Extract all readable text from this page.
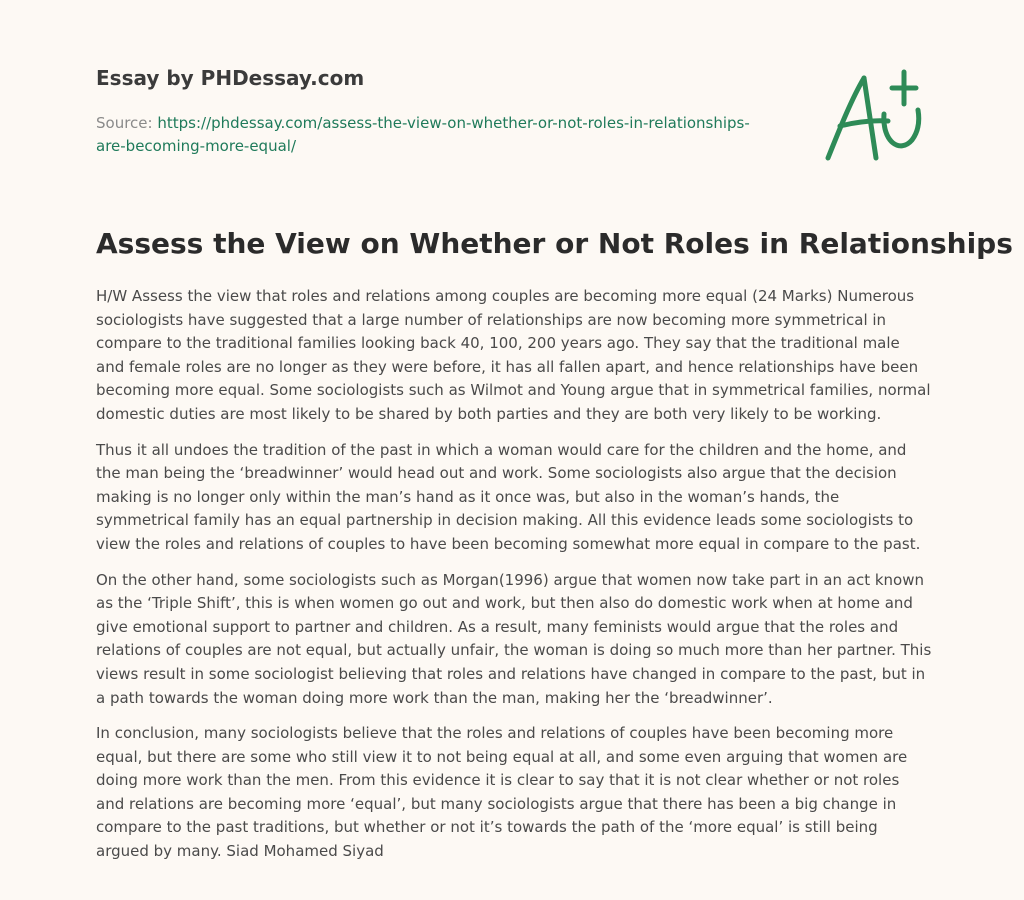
Essay by PHDessay.com
Source: https://phdessay.com/assess-the-view-on-whether-or-not-roles-in-relationships-are-becoming-more-equal/
Assess the View on Whether or Not Roles in Relationships

H/W Assess the view that roles and relations among couples are becoming more equal (24 Marks) Numerous sociologists have suggested that a large number of relationships are now becoming more symmetrical in compare to the traditional families looking back 40, 100, 200 years ago. They say that the traditional male and female roles are no longer as they were before, it has all fallen apart, and hence relationships have been becoming more equal. Some sociologists such as Wilmot and Young argue that in symmetrical families, normal domestic duties are most likely to be shared by both parties and they are both very likely to be working.

Thus it all undoes the tradition of the past in which a woman would care for the children and the home, and the man being the ‘breadwinner’ would head out and work. Some sociologists also argue that the decision making is no longer only within the man’s hand as it once was, but also in the woman’s hands, the symmetrical family has an equal partnership in decision making. All this evidence leads some sociologists to view the roles and relations of couples to have been becoming somewhat more equal in compare to the past.

On the other hand, some sociologists such as Morgan(1996) argue that women now take part in an act known as the ‘Triple Shift’, this is when women go out and work, but then also do domestic work when at home and give emotional support to partner and children. As a result, many feminists would argue that the roles and relations of couples are not equal, but actually unfair, the woman is doing so much more than her partner. This views result in some sociologist believing that roles and relations have changed in compare to the past, but in a path towards the woman doing more work than the man, making her the ‘breadwinner’.

In conclusion, many sociologists believe that the roles and relations of couples have been becoming more equal, but there are some who still view it to not being equal at all, and some even arguing that women are doing more work than the men. From this evidence it is clear to say that it is not clear whether or not roles and relations are becoming more ‘equal’, but many sociologists argue that there has been a big change in compare to the past traditions, but whether or not it’s towards the path of the ‘more equal’ is still being argued by many. Siad Mohamed Siyad
